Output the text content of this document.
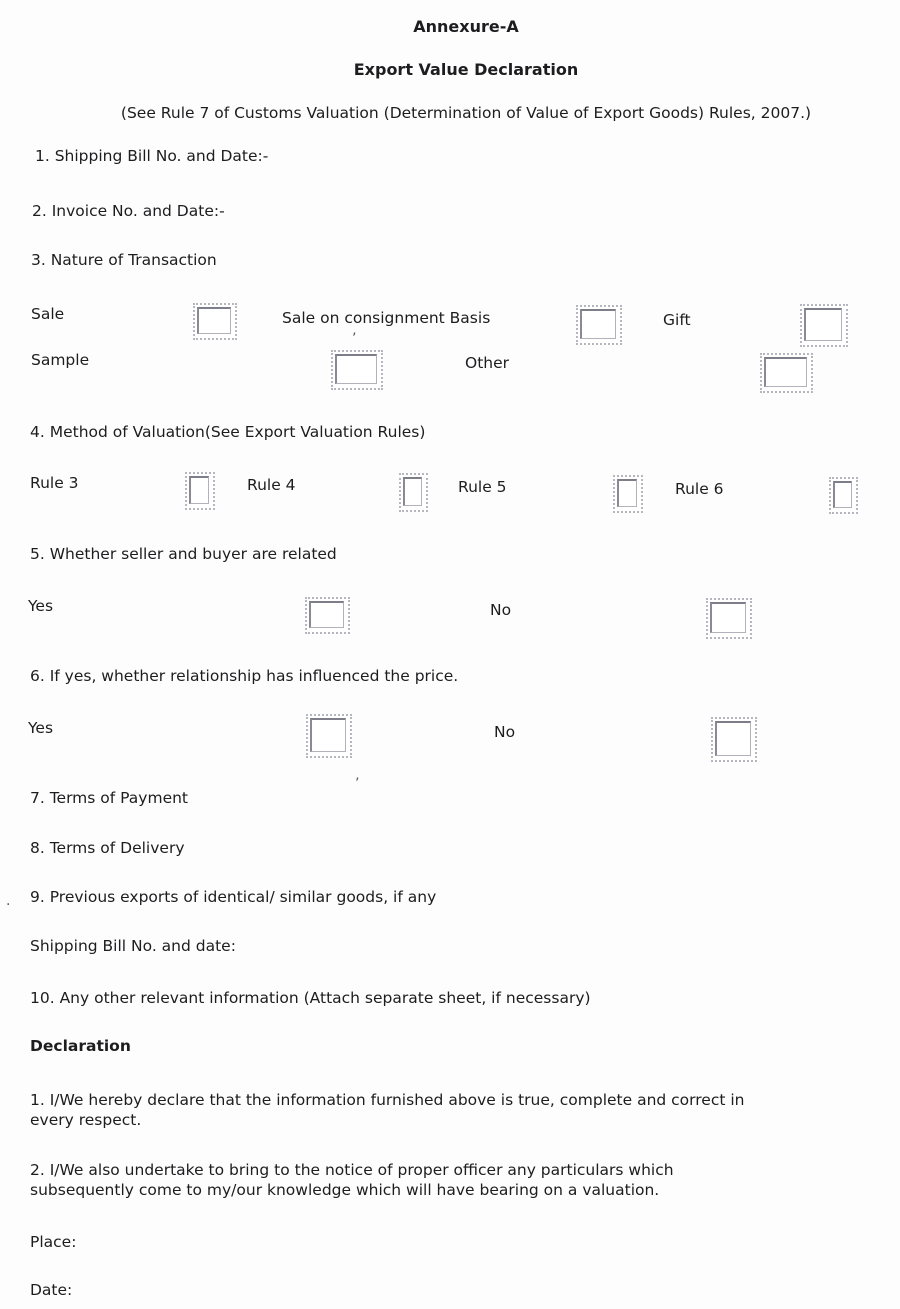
Annexure-A
Export Value Declaration
(See Rule 7 of Customs Valuation (Determination of Value of Export Goods) Rules, 2007.)
1. Shipping Bill No. and Date:-
2. Invoice No. and Date:-
3. Nature of Transaction
Sale	Sale on consignment Basis	Gift
Sample	Other
4. Method of Valuation(See Export Valuation Rules)
Rule 3	Rule 4	Rule 5	Rule 6
5. Whether seller and buyer are related
Yes	No
6. If yes, whether relationship has influenced the price.
Yes	No
7. Terms of Payment
8. Terms of Delivery
9. Previous exports of identical/ similar goods, if any
Shipping Bill No. and date:
10. Any other relevant information (Attach separate sheet, if necessary)
Declaration
1. I/We hereby declare that the information furnished above is true, complete and correct in
every respect.
2. I/We also undertake to bring to the notice of proper officer any particulars which
subsequently come to my/our knowledge which will have bearing on a valuation.
Place:
Date:
’
’
.
